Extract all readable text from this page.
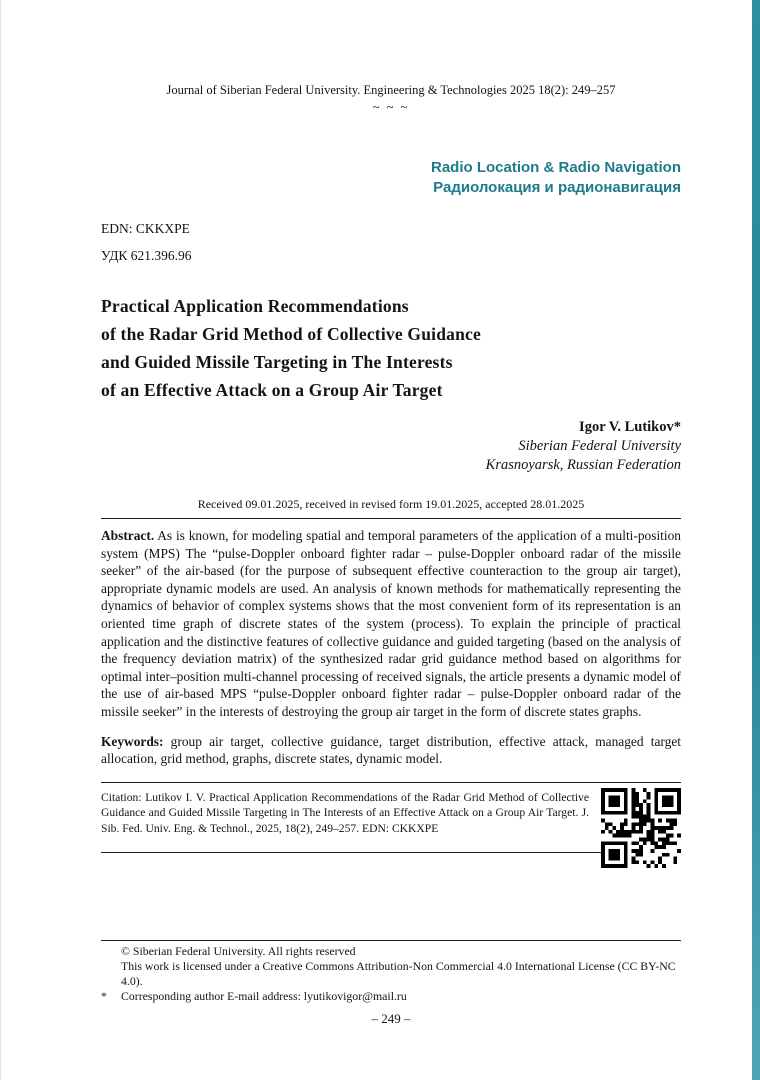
Journal of Siberian Federal University. Engineering & Technologies 2025 18(2): 249–257
~ ~ ~
Radio Location & Radio Navigation
Радиолокация и радионавигация
EDN: CKKXPE
УДК 621.396.96
Practical Application Recommendations
of the Radar Grid Method of Collective Guidance
and Guided Missile Targeting in The Interests
of an Effective Attack on a Group Air Target
Igor V. Lutikov*
Siberian Federal University
Krasnoyarsk, Russian Federation
Received 09.01.2025, received in revised form 19.01.2025, accepted 28.01.2025
Abstract. As is known, for modeling spatial and temporal parameters of the application of a multi-position system (MPS) The “pulse-Doppler onboard fighter radar – pulse-Doppler onboard radar of the missile seeker” of the air-based (for the purpose of subsequent effective counteraction to the group air target), appropriate dynamic models are used. An analysis of known methods for mathematically representing the dynamics of behavior of complex systems shows that the most convenient form of its representation is an oriented time graph of discrete states of the system (process). To explain the principle of practical application and the distinctive features of collective guidance and guided targeting (based on the analysis of the frequency deviation matrix) of the synthesized radar grid guidance method based on algorithms for optimal inter–position multi-channel processing of received signals, the article presents a dynamic model of the use of air-based MPS “pulse-Doppler onboard fighter radar – pulse-Doppler onboard radar of the missile seeker” in the interests of destroying the group air target in the form of discrete states graphs.
Keywords: group air target, collective guidance, target distribution, effective attack, managed target allocation, grid method, graphs, discrete states, dynamic model.
Citation: Lutikov I. V. Practical Application Recommendations of the Radar Grid Method of Collective Guidance and Guided Missile Targeting in The Interests of an Effective Attack on a Group Air Target. J. Sib. Fed. Univ. Eng. & Technol., 2025, 18(2), 249–257. EDN: CKKXPE
© Siberian Federal University. All rights reserved
This work is licensed under a Creative Commons Attribution-Non Commercial 4.0 International License (CC BY-NC 4.0).
*	Corresponding author E-mail address: lyutikovigor@mail.ru
– 249 –
